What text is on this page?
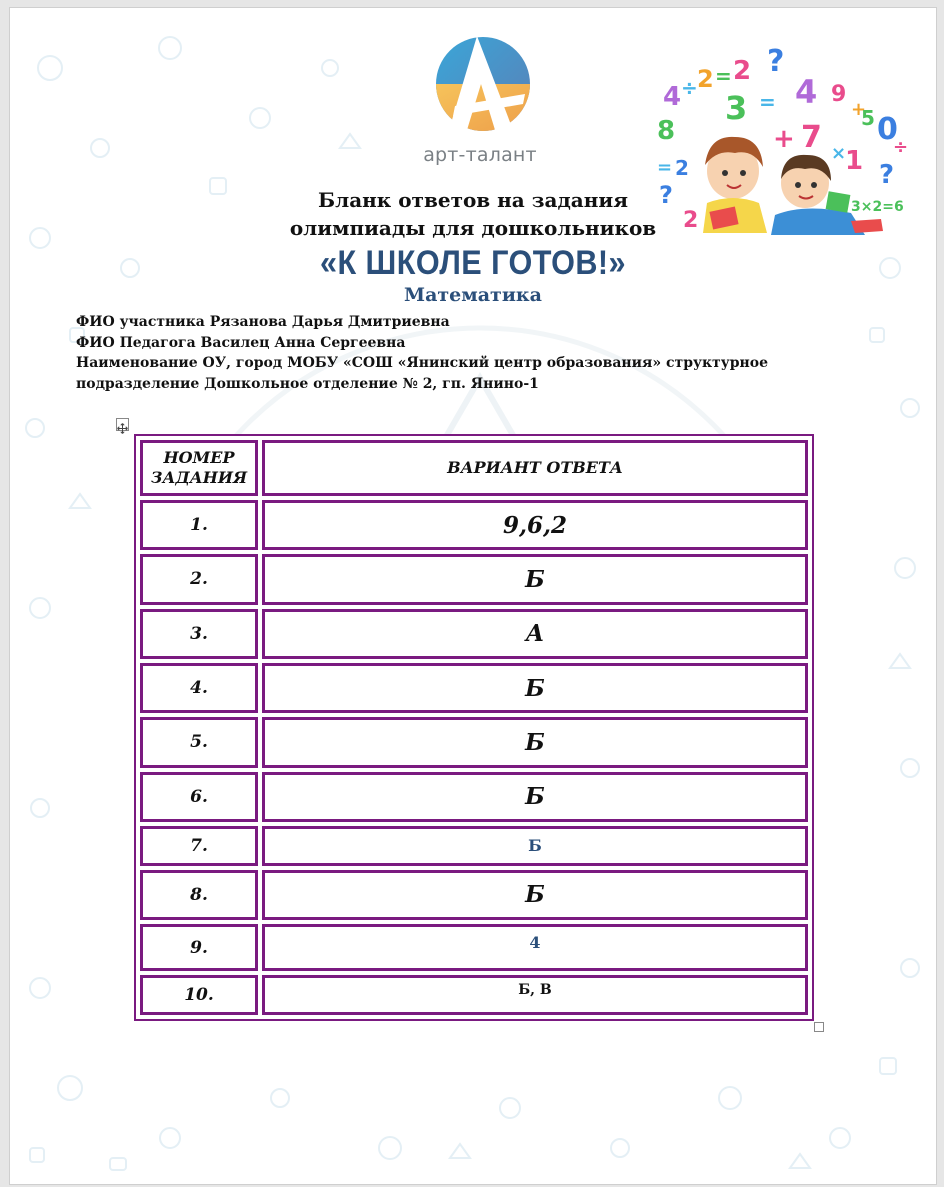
арт-талант
4 ÷ 2 = 2 ?
3 = 4 9
+
5 0
÷
8	+ 7 ×
1
= 2
?
?
2
3×2=6
Бланк ответов на задания
олимпиады для дошкольников
«К ШКОЛЕ ГОТОВ!»
Математика
ФИО участника Рязанова Дарья Дмитриевна
ФИО Педагога Василец Анна Сергеевна
Наименование ОУ, город МОБУ «СОШ «Янинский центр образования» структурное
подразделение Дошкольное отделение № 2, гп. Янино-1
НОМЕР
ЗАДАНИЯ	ВАРИАНТ ОТВЕТА
1.	9,6,2
2.	Б
3.	А
4.	Б
5.	Б
6.	Б
7.	Б
8.	Б
9.	4
10.	Б, В
